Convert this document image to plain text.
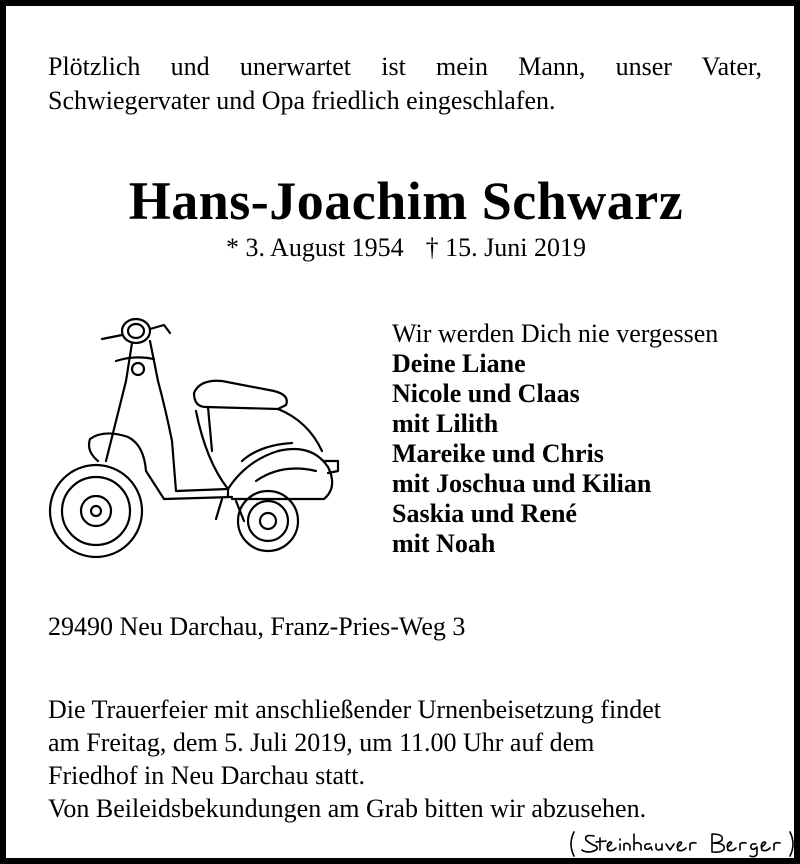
Plötzlich und unerwartet ist mein Mann, unser Vater,
Schwiegervater und Opa friedlich eingeschlafen.
Hans-Joachim Schwarz
* 3. August 1954 † 15. Juni 2019
Wir werden Dich nie vergessen
Deine Liane
Nicole und Claas
mit Lilith
Mareike und Chris
mit Joschua und Kilian
Saskia und René
mit Noah
29490 Neu Darchau, Franz-Pries-Weg 3
Die Trauerfeier mit anschließender Urnenbeisetzung findet
am Freitag, dem 5. Juli 2019, um 11.00 Uhr auf dem
Friedhof in Neu Darchau statt.
Von Beileidsbekundungen am Grab bitten wir abzusehen.
